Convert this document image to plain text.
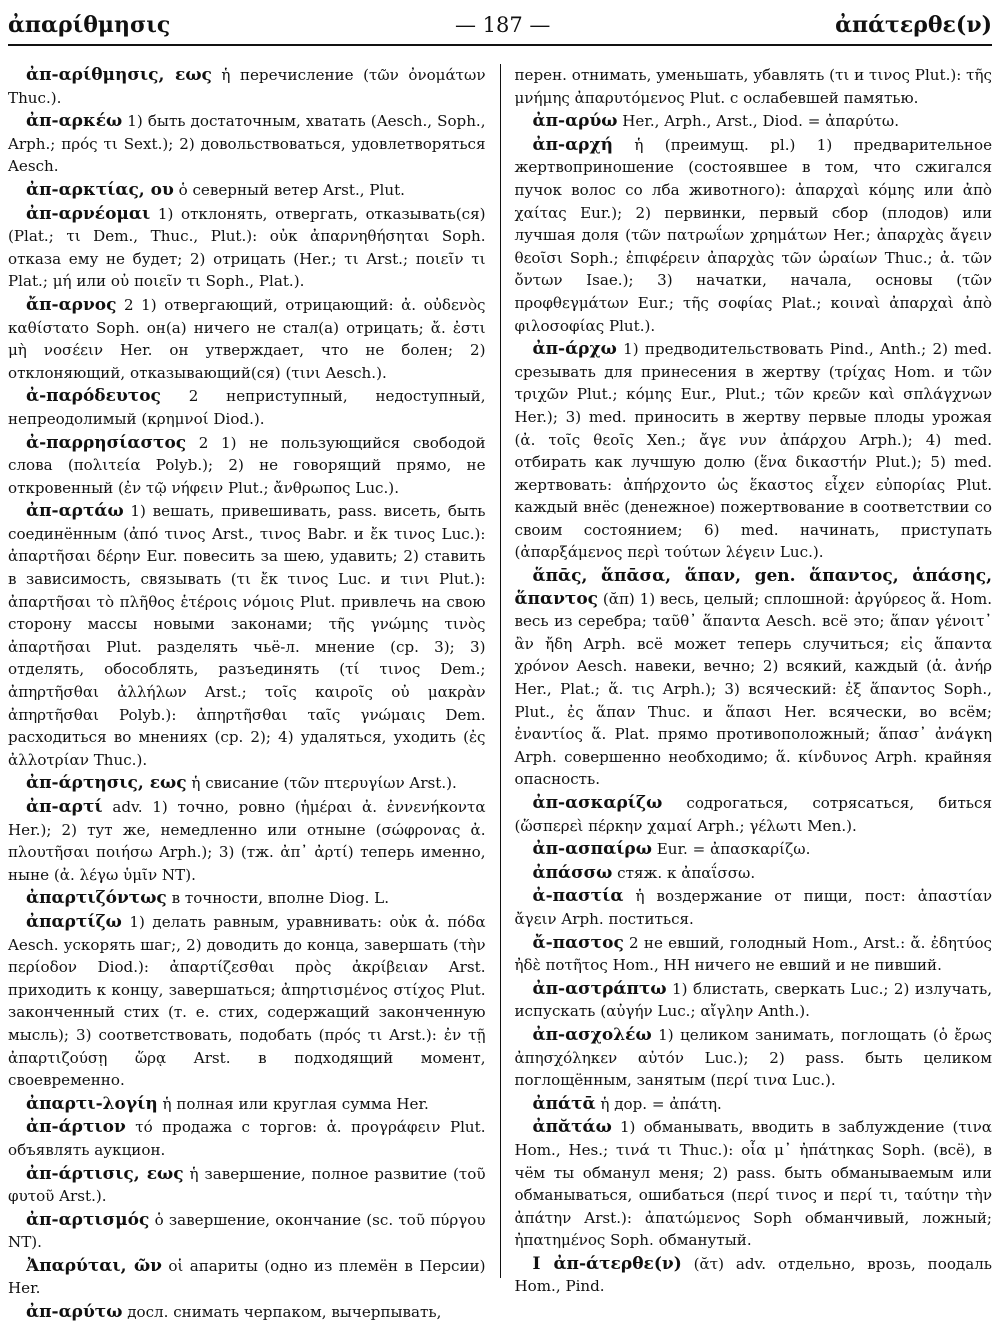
ἀπαρίθμησις	— 187 —	ἀπάτερθε(ν)

ἀπ-αρίθμησις, εως ἡ перечисление (τῶν ὀνομάτων Thuc.).

ἀπ-αρκέω 1) быть достаточным, хватать (Aesch., Soph., Arph.; πρός τι Sext.); 2) довольствоваться, удовлетворяться Aesch.

ἀπ-αρκτίας, ου ὁ северный ветер Arst., Plut.

ἀπ-αρνέομαι 1) отклонять, отвергать, отказывать(ся) (Plat.; τι Dem., Thuc., Plut.): οὐκ ἀπαρνηθήσηται Soph. отказа ему не будет; 2) отрицать (Her.; τι Arst.; ποιεῖν τι Plat.; μή или οὐ ποιεῖν τι Soph., Plat.).

ἄπ-αρνος 2 1) отвергающий, отрицающий: ἀ. οὐδενὸς καθίστατο Soph. он(а) ничего не стал(а) отрицать; ἄ. ἐστι μὴ νοσέειν Her. он утверждает, что не болен; 2) отклоняющий, отказывающий(ся) (τινι Aesch.).

ἀ-παρόδευτος 2 неприступный, недоступный, непреодолимый (κρημνοί Diod.).

ἀ-παρρησίαστος 2 1) не пользующийся свободой слова (πολιτεία Polyb.); 2) не говорящий прямо, не откровенный (ἐν τῷ νήφειν Plut.; ἄνθρωπος Luc.).

ἀπ-αρτάω 1) вешать, привешивать, pass. висеть, быть соединённым (ἀπό τινος Arst., τινος Babr. и ἔκ τινος Luc.): ἀπαρτῆσαι δέρην Eur. повесить за шею, удавить; 2) ставить в зависимость, связывать (τι ἔκ τινος Luc. и τινι Plut.): ἀπαρτῆσαι τὸ πλῆθος ἑτέροις νόμοις Plut. привлечь на свою сторону массы новыми законами; τῆς γνώμης τινὸς ἀπαρτῆσαι Plut. разделять чьё-л. мнение (ср. 3); 3) отделять, обособлять, разъединять (τί τινος Dem.; ἀπηρτῆσθαι ἀλλήλων Arst.; τοῖς καιροῖς οὐ μακρὰν ἀπηρτῆσθαι Polyb.): ἀπηρτῆσθαι ταῖς γνώμαις Dem. расходиться во мнениях (ср. 2); 4) удаляться, уходить (ἐς ἀλλοτρίαν Thuc.).

ἀπ-άρτησις, εως ἡ свисание (τῶν πτερυγίων Arst.).

ἀπ-αρτί adv. 1) точно, ровно (ἡμέραι ἀ. ἐννενήκοντα Her.); 2) тут же, немедленно или отныне (σώφρονας ἀ. πλουτῆσαι ποιήσω Arph.); 3) (тж. ἀπ᾽ ἀρτί) теперь именно, ныне (ἀ. λέγω ὑμῖν NT).

ἀπαρτιζόντως в точности, вполне Diog. L.

ἀπαρτίζω 1) делать равным, уравнивать: οὐκ ἀ. πόδα Aesch. ускорять шаг;, 2) доводить до конца, завершать (τὴν περίοδον Diod.): ἀπαρτίζεσθαι πρὸς ἀκρίβειαν Arst. приходить к концу, завершаться; ἀπηρτισμένος στίχος Plut. законченный стих (т. е. стих, содержащий законченную мысль); 3) соответствовать, подобать (πρός τι Arst.): ἐν τῇ ἀπαρτιζούσῃ ὥρᾳ Arst. в подходящий момент, своевременно.

ἀπαρτι-λογίη ἡ полная или круглая сумма Her.

ἀπ-άρτιον τό продажа с торгов: ἀ. προγράφειν Plut. объявлять аукцион.

ἀπ-άρτισις, εως ἡ завершение, полное развитие (τοῦ φυτοῦ Arst.).

ἀπ-αρτισμός ὁ завершение, окончание (sc. τοῦ πύργου NT).

Ἀπαρύται, ῶν οἱ апариты (одно из племён в Персии) Her.

ἀπ-αρύτω досл. снимать черпаком, вычерпывать,

перен. отнимать, уменьшать, убавлять (τι и τινος Plut.): τῆς μνήμης ἀπαρυτόμενος Plut. с ослабевшей памятью.

ἀπ-αρύω Her., Arph., Arst., Diod. = ἀπαρύτω.

ἀπ-αρχή ἡ (преимущ. pl.) 1) предварительное жертвоприношение (состоявшее в том, что сжигался пучок волос со лба животного): ἀπαρχαὶ κόμης или ἀπὸ χαίτας Eur.); 2) первинки, первый сбор (плодов) или лучшая доля (τῶν πατρωΐων χρημάτων Her.; ἀπαρχὰς ἄγειν θεοῖσι Soph.; ἐπιφέρειν ἀπαρχὰς τῶν ὡραίων Thuc.; ἀ. τῶν ὄντων Isae.); 3) начатки, начала, основы (τῶν προφθεγμάτων Eur.; τῆς σοφίας Plat.; κοιναὶ ἀπαρχαὶ ἀπὸ φιλοσοφίας Plut.).

ἀπ-άρχω 1) предводительствовать Pind., Anth.; 2) med. срезывать для принесения в жертву (τρίχας Hom. и τῶν τριχῶν Plut.; κόμης Eur., Plut.; τῶν κρεῶν καὶ σπλάγχνων Her.); 3) med. приносить в жертву первые плоды урожая (ἀ. τοῖς θεοῖς Xen.; ἄγε νυν ἀπάρχου Arph.); 4) med. отбирать как лучшую долю (ἕνα δικαστήν Plut.); 5) med. жертвовать: ἀπήρχοντο ὡς ἕκαστος εἶχεν εὐπορίας Plut. каждый внёс (денежное) пожертвование в соответствии со своим состоянием; 6) med. начинать, приступать (ἀπαρξάμενος περὶ τούτων λέγειν Luc.).

ἅπᾱς, ἅπᾱσα, ἅπαν, gen. ἅπαντος, ἁπάσης, ἅπαντος (ᾰπ) 1) весь, целый; сплошной: ἀργύρεος ἅ. Hom. весь из серебра; ταῦθ᾽ ἅπαντα Aesch. всё это; ἅπαν γένοιτ᾽ ἂν ἤδη Arph. всё может теперь случиться; εἰς ἅπαντα χρόνον Aesch. навеки, вечно; 2) всякий, каждый (ἁ. ἀνήρ Her., Plat.; ἅ. τις Arph.); 3) всяческий: ἐξ ἅπαντος Soph., Plut., ἐς ἅπαν Thuc. и ἅπασι Her. всячески, во всём; ἐναντίος ἅ. Plat. прямо противоположный; ἅπασ᾽ ἀνάγκη Arph. совершенно необходимо; ἅ. κίνδυνος Arph. крайняя опасность.

ἀπ-ασκαρίζω содрогаться, сотрясаться, биться (ὥσπερεὶ πέρκην χαμαί Arph.; γέλωτι Men.).

ἀπ-ασπαίρω Eur. = ἀπασκαρίζω.

ἀπάσσω стяж. к ἀπαΐσσω.

ἀ-παστία ἡ воздержание от пищи, пост: ἀπαστίαν ἄγειν Arph. поститься.

ἄ-παστος 2 не евший, голодный Hom., Arst.: ἄ. ἐδητύος ἠδὲ ποτῆτος Hom., HH ничего не евший и не пивший.

ἀπ-αστράπτω 1) блистать, сверкать Luc.; 2) излучать, испускать (αὐγήν Luc.; αἴγλην Anth.).

ἀπ-ασχολέω 1) целиком занимать, поглощать (ὁ ἔρως ἀπησχόληκεν αὐτόν Luc.); 2) pass. быть целиком поглощённым, занятым (περί τινα Luc.).

ἀπάτᾱ ἡ дор. = ἀπάτη.

ἀπᾰτάω 1) обманывать, вводить в заблуждение (τινα Hom., Hes.; τινά τι Thuc.): οἷα μ᾽ ἠπάτηκας Soph. (всё), в чём ты обманул меня; 2) pass. быть обманываемым или обманываться, ошибаться (περί τινος и περί τι, ταύτην τὴν ἀπάτην Arst.): ἀπατώμενος Soph обманчивый, ложный; ἠπατημένος Soph. обманутый.

I ἀπ-άτερθε(ν) (ᾰτ) adv. отдельно, врозь, поодаль Hom., Pind.
